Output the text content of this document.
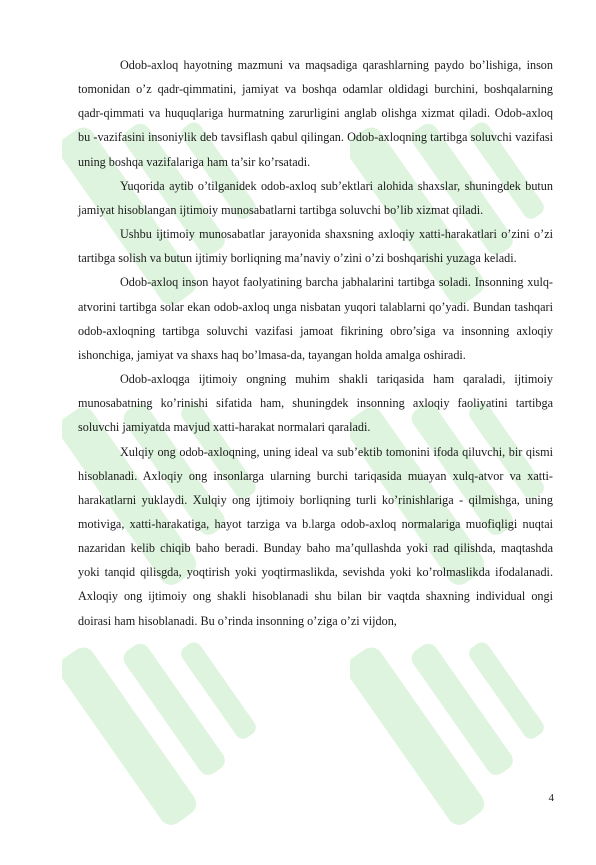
Odob-axloq hayotning mazmuni va maqsadiga qarashlarning paydo bo’lishiga, inson tomonidan o’z qadr-qimmatini, jamiyat va boshqa odamlar oldidagi burchini, boshqalarning qadr-qimmati va huquqlariga hurmatning zarurligini anglab olishga xizmat qiladi. Odob-axloq bu -vazifasini insoniylik deb tavsiflash qabul qilingan. Odob-axloqning tartibga soluvchi vazifasi uning boshqa vazifalariga ham ta’sir ko’rsatadi.

Yuqorida aytib o’tilganidek odob-axloq sub’ektlari alohida shaxslar, shuningdek butun jamiyat hisoblangan ijtimoiy munosabatlarni tartibga soluvchi bo’lib xizmat qiladi.

Ushbu ijtimoiy munosabatlar jarayonida shaxsning axloqiy xatti-harakatlari o’zini o’zi tartibga solish va butun ijtimiy borliqning ma’naviy o’zini o’zi boshqarishi yuzaga keladi.

Odob-axloq inson hayot faolyatining barcha jabhalarini tartibga soladi. Insonning xulq-atvorini tartibga solar ekan odob-axloq unga nisbatan yuqori talablarni qo’yadi. Bundan tashqari odob-axloqning tartibga soluvchi vazifasi jamoat fikrining obro’siga va insonning axloqiy ishonchiga, jamiyat va shaxs haq bo’lmasa-da, tayangan holda amalga oshiradi.

Odob-axloqga ijtimoiy ongning muhim shakli tariqasida ham qaraladi, ijtimoiy munosabatning ko’rinishi sifatida ham, shuningdek insonning axloqiy faoliyatini tartibga soluvchi jamiyatda mavjud xatti-harakat normalari qaraladi.

Xulqiy ong odob-axloqning, uning ideal va sub’ektib tomonini ifoda qiluvchi, bir qismi hisoblanadi. Axloqiy ong insonlarga ularning burchi tariqasida muayan xulq-atvor va xatti-harakatlarni yuklaydi. Xulqiy ong ijtimoiy borliqning turli ko’rinishlariga - qilmishga, uning motiviga, xatti-harakatiga, hayot tarziga va b.larga odob-axloq normalariga muofiqligi nuqtai nazaridan kelib chiqib baho beradi. Bunday baho ma’qullashda yoki rad qilishda, maqtashda yoki tanqid qilisgda, yoqtirish yoki yoqtirmaslikda, sevishda yoki ko’rolmaslikda ifodalanadi. Axloqiy ong ijtimoiy ong shakli hisoblanadi shu bilan bir vaqtda shaxning individual ongi doirasi ham hisoblanadi. Bu o’rinda insonning o’ziga o’zi vijdon,

4
